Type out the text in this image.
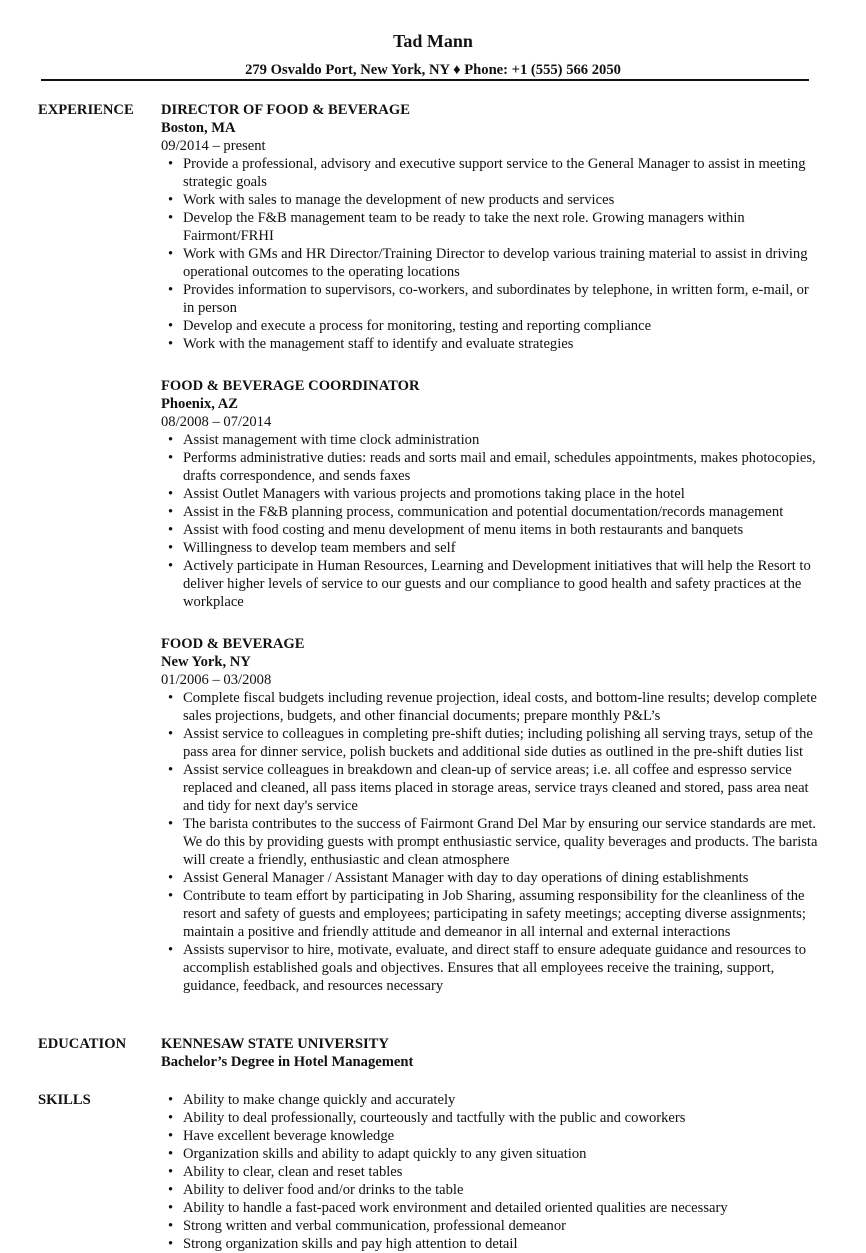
Tad Mann
279 Osvaldo Port, New York, NY ♦ Phone: +1 (555) 566 2050
EXPERIENCE DIRECTOR OF FOOD & BEVERAGE
Boston, MA
09/2014 – present
• Provide a professional, advisory and executive support service to the General Manager to assist in meeting strategic goals
• Work with sales to manage the development of new products and services
• Develop the F&B management team to be ready to take the next role. Growing managers within Fairmont/FRHI
• Work with GMs and HR Director/Training Director to develop various training material to assist in driving operational outcomes to the operating locations
• Provides information to supervisors, co-workers, and subordinates by telephone, in written form, e-mail, or in person
• Develop and execute a process for monitoring, testing and reporting compliance
• Work with the management staff to identify and evaluate strategies
FOOD & BEVERAGE COORDINATOR
Phoenix, AZ
08/2008 – 07/2014
• Assist management with time clock administration
• Performs administrative duties: reads and sorts mail and email, schedules appointments, makes photocopies, drafts correspondence, and sends faxes
• Assist Outlet Managers with various projects and promotions taking place in the hotel
• Assist in the F&B planning process, communication and potential documentation/records management
• Assist with food costing and menu development of menu items in both restaurants and banquets
• Willingness to develop team members and self
• Actively participate in Human Resources, Learning and Development initiatives that will help the Resort to deliver higher levels of service to our guests and our compliance to good health and safety practices at the workplace
FOOD & BEVERAGE
New York, NY
01/2006 – 03/2008
• Complete fiscal budgets including revenue projection, ideal costs, and bottom-line results; develop complete sales projections, budgets, and other financial documents; prepare monthly P&L’s
• Assist service to colleagues in completing pre-shift duties; including polishing all serving trays, setup of the pass area for dinner service, polish buckets and additional side duties as outlined in the pre-shift duties list
• Assist service colleagues in breakdown and clean-up of service areas; i.e. all coffee and espresso service replaced and cleaned, all pass items placed in storage areas, service trays cleaned and stored, pass area neat and tidy for next day's service
• The barista contributes to the success of Fairmont Grand Del Mar by ensuring our service standards are met. We do this by providing guests with prompt enthusiastic service, quality beverages and products. The barista will create a friendly, enthusiastic and clean atmosphere
• Assist General Manager / Assistant Manager with day to day operations of dining establishments
• Contribute to team effort by participating in Job Sharing, assuming responsibility for the cleanliness of the resort and safety of guests and employees; participating in safety meetings; accepting diverse assignments; maintain a positive and friendly attitude and demeanor in all internal and external interactions
• Assists supervisor to hire, motivate, evaluate, and direct staff to ensure adequate guidance and resources to accomplish established goals and objectives. Ensures that all employees receive the training, support, guidance, feedback, and resources necessary
EDUCATION KENNESAW STATE UNIVERSITY
Bachelor’s Degree in Hotel Management
SKILLS
•	Ability to make change quickly and accurately
• Ability to deal professionally, courteously and tactfully with the public and coworkers
• Have excellent beverage knowledge
• Organization skills and ability to adapt quickly to any given situation
• Ability to clear, clean and reset tables
• Ability to deliver food and/or drinks to the table
• Ability to handle a fast-paced work environment and detailed oriented qualities are necessary
• Strong written and verbal communication, professional demeanor
• Strong organization skills and pay high attention to detail
